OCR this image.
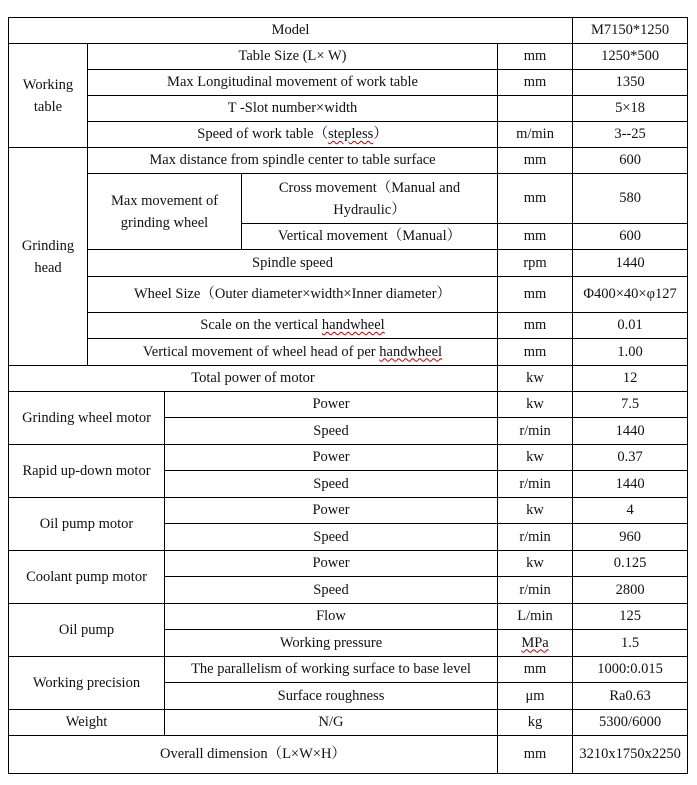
Model					M7150*1250
Working table	Table Size (L× W)			mm	1250*500
	Max Longitudinal movement of work table			mm	1350
	T -Slot number×width				5×18
	Speed of work table（stepless）			m/min	3--25
Grinding head	Max distance from spindle center to table surface			mm	600
	Max movement of grinding wheel		Cross movement（Manual and Hydraulic）	mm	580
			Vertical movement（Manual）	mm	600
	Spindle speed			rpm	1440
	Wheel Size（Outer diameter×width×Inner diameter）			mm	Φ400×40×φ127
	Scale on the vertical handwheel			mm	0.01
	Vertical movement of wheel head of per handwheel			mm	1.00
Total power of motor				kw	12
Grinding wheel motor		Power		kw	7.5
		Speed		r/min	1440
Rapid up-down motor		Power		kw	0.37
		Speed		r/min	1440
Oil pump motor		Power		kw	4
		Speed		r/min	960
Coolant pump motor		Power		kw	0.125
		Speed		r/min	2800
Oil pump		Flow		L/min	125
		Working pressure		MPa	1.5
Working precision		The parallelism of working surface to base level		mm	1000:0.015
		Surface roughness		μm	Ra0.63
Weight		N/G		kg	5300/6000
Overall dimension（L×W×H）				mm	3210x1750x2250
